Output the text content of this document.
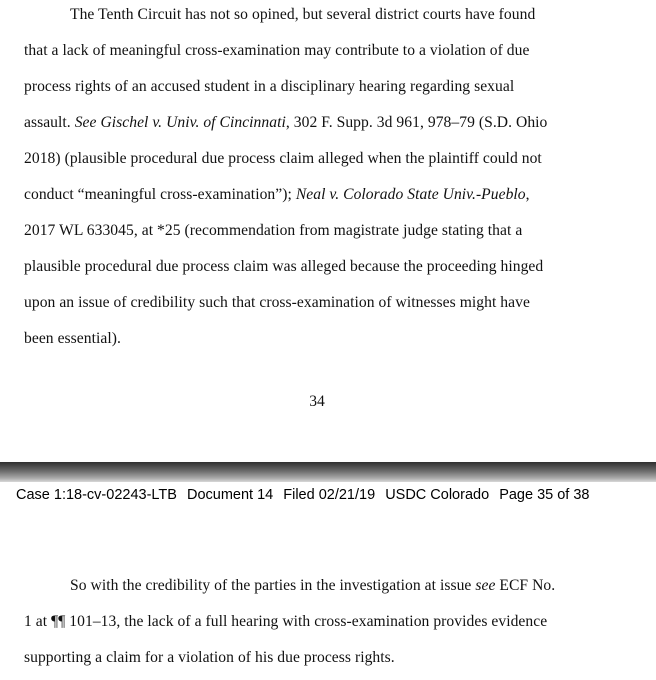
The Tenth Circuit has not so opined, but several district courts have found
that a lack of meaningful cross-examination may contribute to a violation of due
process rights of an accused student in a disciplinary hearing regarding sexual
assault. See Gischel v. Univ. of Cincinnati, 302 F. Supp. 3d 961, 978–79 (S.D. Ohio
2018) (plausible procedural due process claim alleged when the plaintiff could not
conduct “meaningful cross-examination”); Neal v. Colorado State Univ.-Pueblo,
2017 WL 633045, at *25 (recommendation from magistrate judge stating that a
plausible procedural due process claim was alleged because the proceeding hinged
upon an issue of credibility such that cross-examination of witnesses might have
been essential).
34
Case 1:18-cv-02243-LTB Document 14 Filed 02/21/19 USDC Colorado Page 35 of 38
So with the credibility of the parties in the investigation at issue see ECF No.
1 at ¶¶ 101–13, the lack of a full hearing with cross-examination provides evidence
supporting a claim for a violation of his due process rights.
